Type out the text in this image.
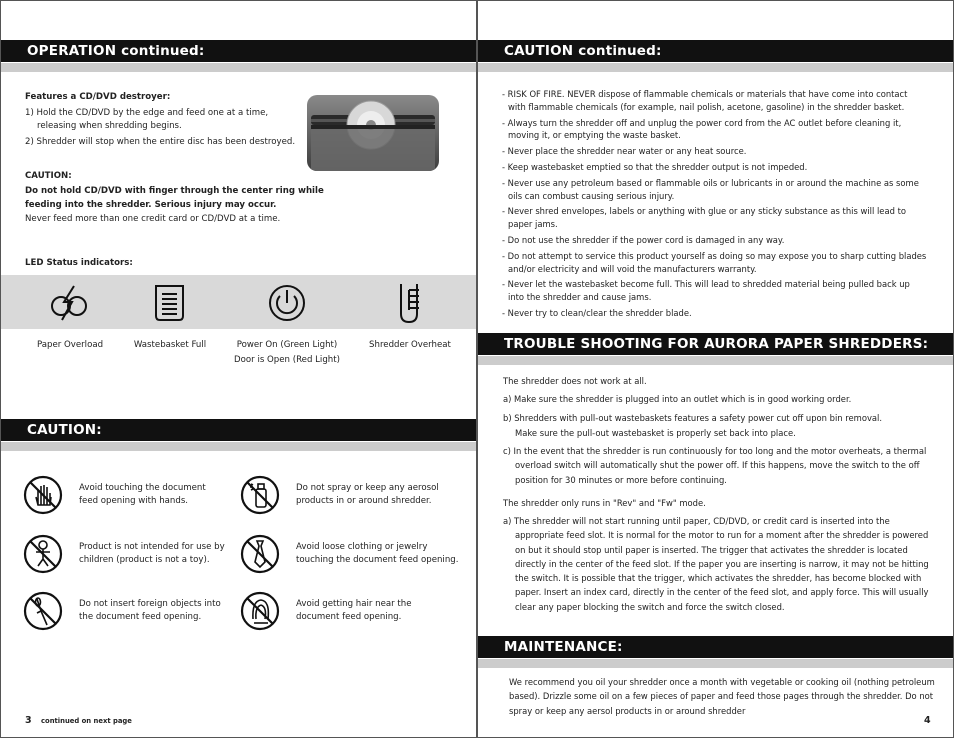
OPERATION continued:
Features a CD/DVD destroyer:
1) Hold the CD/DVD by the edge and feed one at a time,
releasing when shredding begins.
2) Shredder will stop when the entire disc has been destroyed.
CAUTION:
Do not hold CD/DVD with finger through the center ring while
feeding into the shredder. Serious injury may occur.
Never feed more than one credit card or CD/DVD at a time.
LED Status indicators:
Paper Overload	Wastebasket Full	Power On (Green Light)
Door is Open (Red Light)
Shredder Overheat
CAUTION:
Avoid touching the document feed opening with hands.
Do not spray or keep any aerosol products in or around shredder.
Product is not intended for use by children (product is not a toy).
Avoid loose clothing or jewelry touching the document feed opening.
Do not insert foreign objects into the document feed opening.
Avoid getting hair near the document feed opening.
3 continued on next page
CAUTION continued:
TROUBLE SHOOTING FOR AURORA PAPER SHREDDERS:
MAINTENANCE:
4
- RISK OF FIRE. NEVER dispose of flammable chemicals or materials that have come into contact with flammable chemicals (for example, nail polish, acetone, gasoline) in the shredder basket.
- Always turn the shredder off and unplug the power cord from the AC outlet before cleaning it, moving it, or emptying the waste basket.
- Never place the shredder near water or any heat source.
- Keep wastebasket emptied so that the shredder output is not impeded.
- Never use any petroleum based or flammable oils or lubricants in or around the machine as some oils can combust causing serious injury.
- Never shred envelopes, labels or anything with glue or any sticky substance as this will lead to paper jams.
- Do not use the shredder if the power cord is damaged in any way.
- Do not attempt to service this product yourself as doing so may expose you to sharp cutting blades and/or electricity and will void the manufacturers warranty.
- Never let the wastebasket become full. This will lead to shredded material being pulled back up into the shredder and cause jams.
- Never try to clean/clear the shredder blade.
The shredder does not work at all.
a) Make sure the shredder is plugged into an outlet which is in good working order.
b) Shredders with pull-out wastebaskets features a safety power cut off upon bin removal.
Make sure the pull-out wastebasket is properly set back into place.
c) In the event that the shredder is run continuously for too long and the motor overheats, a thermal overload switch will automatically shut the power off. If this happens, move the switch to the off position for 30 minutes or more before continuing.
The shredder only runs in "Rev" and "Fw" mode.
a) The shredder will not start running until paper, CD/DVD, or credit card is inserted into the appropriate feed slot. It is normal for the motor to run for a moment after the shredder is powered on but it should stop until paper is inserted. The trigger that activates the shredder is located directly in the center of the feed slot. If the paper you are inserting is narrow, it may not be hitting the switch. It is possible that the trigger, which activates the shredder, has become blocked with paper. Insert an index card, directly in the center of the feed slot, and apply force. This will usually clear any paper blocking the switch and force the switch closed.
We recommend you oil your shredder once a month with vegetable or cooking oil (nothing petroleum based). Drizzle some oil on a few pieces of paper and feed those pages through the shredder. Do not spray or keep any aersol products in or around shredder
